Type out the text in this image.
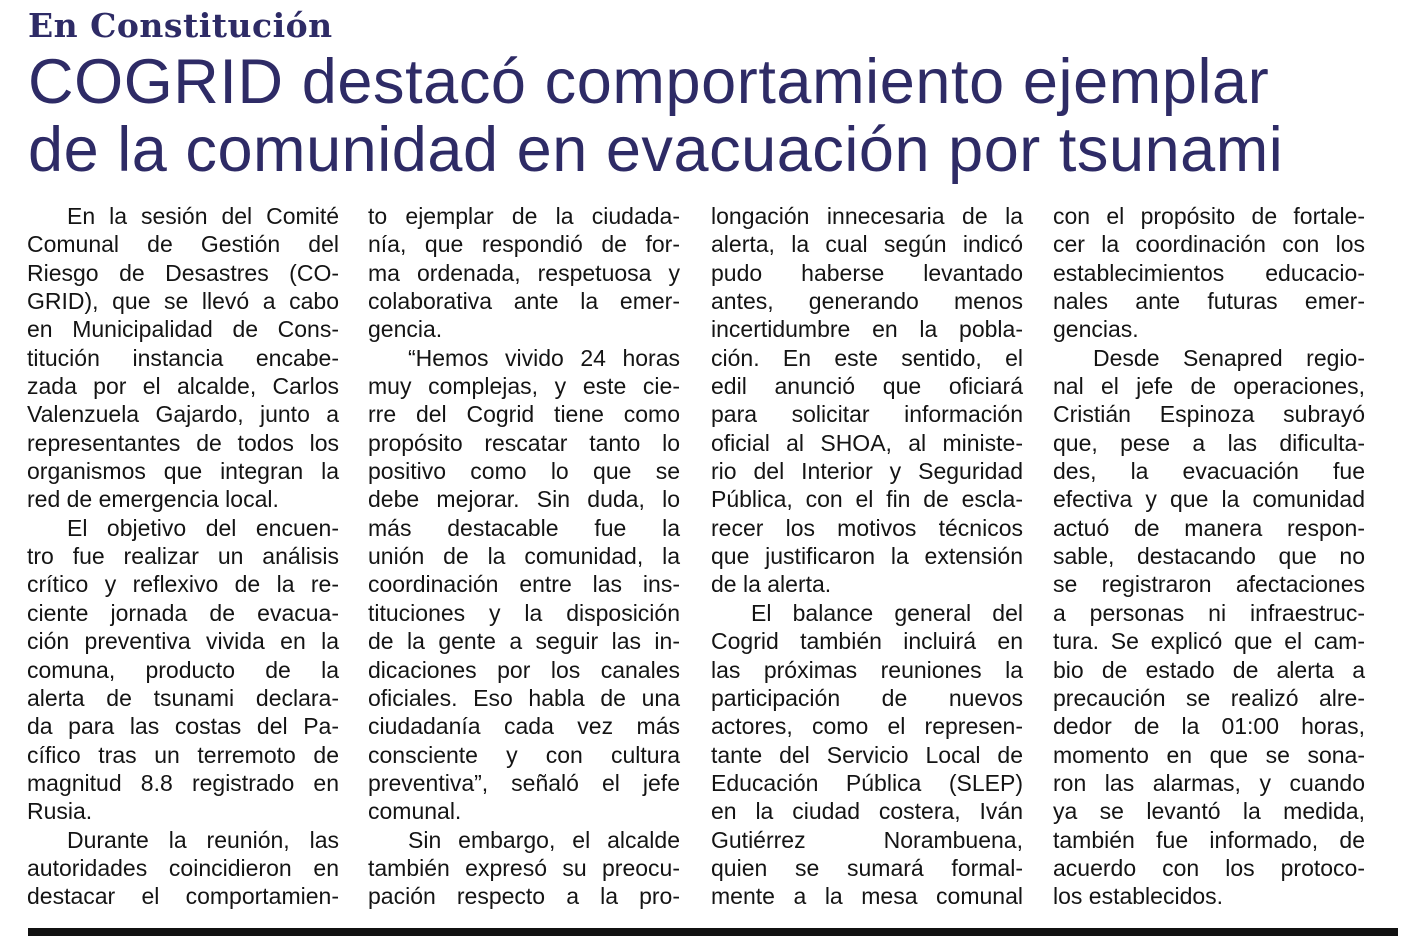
En Constitución
COGRID destacó comportamiento ejemplar
de la comunidad en evacuación por tsunami
En la sesión del Comité
Comunal de Gestión del
Riesgo de Desastres (CO-
GRID), que se llevó a cabo
en Municipalidad de Cons-
titución instancia encabe-
zada por el alcalde, Carlos
Valenzuela Gajardo, junto a
representantes de todos los
organismos que integran la
red de emergencia local.
El objetivo del encuen-
tro fue realizar un análisis
crítico y reflexivo de la re-
ciente jornada de evacua-
ción preventiva vivida en la
comuna, producto de la
alerta de tsunami declara-
da para las costas del Pa-
cífico tras un terremoto de
magnitud 8.8 registrado en
Rusia.
Durante la reunión, las
autoridades coincidieron en
destacar el comportamien-
to ejemplar de la ciudada-
nía, que respondió de for-
ma ordenada, respetuosa y
colaborativa ante la emer-
gencia.
“Hemos vivido 24 horas
muy complejas, y este cie-
rre del Cogrid tiene como
propósito rescatar tanto lo
positivo como lo que se
debe mejorar. Sin duda, lo
más destacable fue la
unión de la comunidad, la
coordinación entre las ins-
tituciones y la disposición
de la gente a seguir las in-
dicaciones por los canales
oficiales. Eso habla de una
ciudadanía cada vez más
consciente y con cultura
preventiva”, señaló el jefe
comunal.
Sin embargo, el alcalde
también expresó su preocu-
pación respecto a la pro-
longación innecesaria de la
alerta, la cual según indicó
pudo haberse levantado
antes, generando menos
incertidumbre en la pobla-
ción. En este sentido, el
edil anunció que oficiará
para solicitar información
oficial al SHOA, al ministe-
rio del Interior y Seguridad
Pública, con el fin de escla-
recer los motivos técnicos
que justificaron la extensión
de la alerta.
El balance general del
Cogrid también incluirá en
las próximas reuniones la
participación de nuevos
actores, como el represen-
tante del Servicio Local de
Educación Pública (SLEP)
en la ciudad costera, Iván
Gutiérrez Norambuena,
quien se sumará formal-
mente a la mesa comunal
con el propósito de fortale-
cer la coordinación con los
establecimientos educacio-
nales ante futuras emer-
gencias.
Desde Senapred regio-
nal el jefe de operaciones,
Cristián Espinoza subrayó
que, pese a las dificulta-
des, la evacuación fue
efectiva y que la comunidad
actuó de manera respon-
sable, destacando que no
se registraron afectaciones
a personas ni infraestruc-
tura. Se explicó que el cam-
bio de estado de alerta a
precaución se realizó alre-
dedor de la 01:00 horas,
momento en que se sona-
ron las alarmas, y cuando
ya se levantó la medida,
también fue informado, de
acuerdo con los protoco-
los establecidos.
